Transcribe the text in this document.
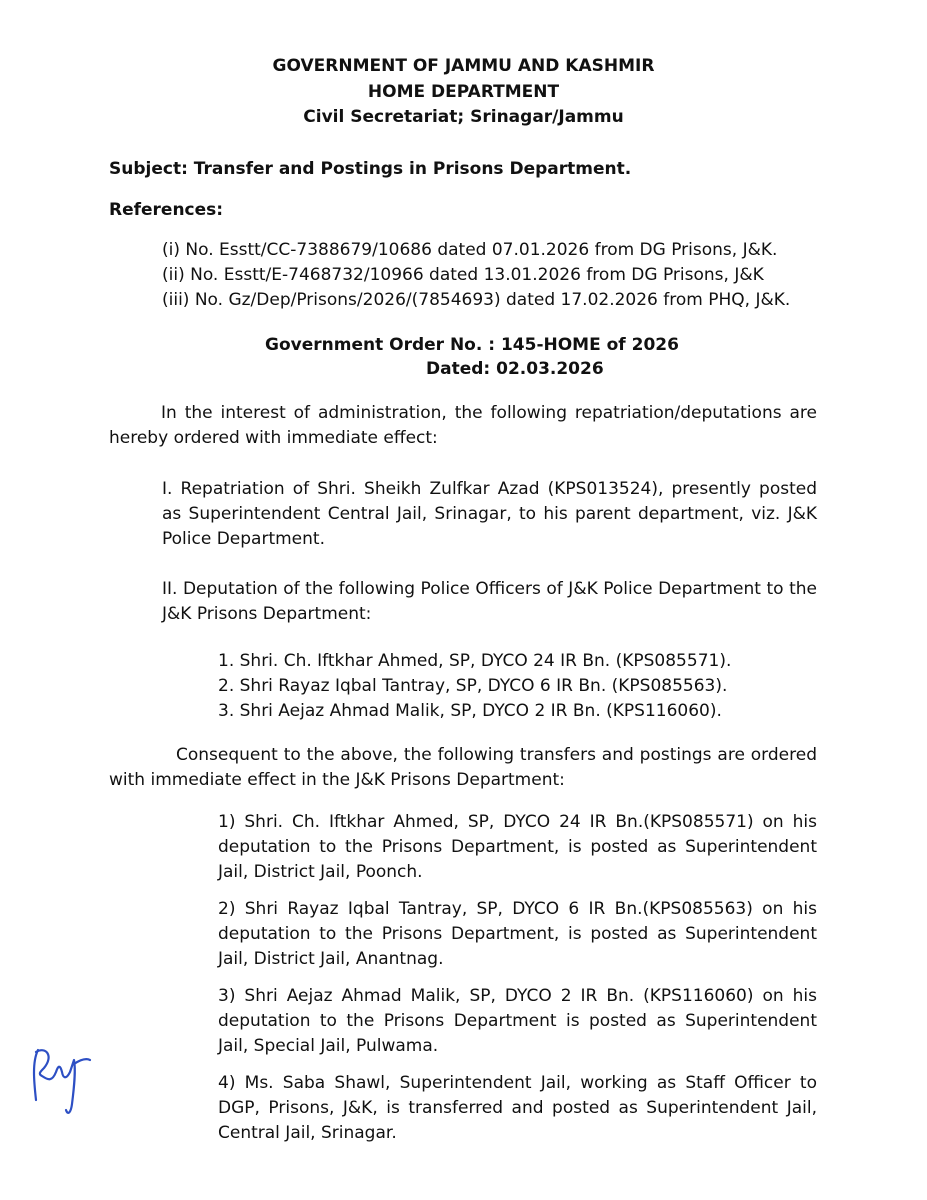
GOVERNMENT OF JAMMU AND KASHMIR
HOME DEPARTMENT
Civil Secretariat; Srinagar/Jammu
Subject: Transfer and Postings in Prisons Department.
References:
(i) No. Esstt/CC-7388679/10686 dated 07.01.2026 from DG Prisons, J&K.
(ii) No. Esstt/E-7468732/10966 dated 13.01.2026 from DG Prisons, J&K
(iii) No. Gz/Dep/Prisons/2026/(7854693) dated 17.02.2026 from PHQ, J&K.
Government Order No. : 145-HOME of 2026
Dated: 02.03.2026
In the interest of administration, the following repatriation/deputations are hereby ordered with immediate effect:
I. Repatriation of Shri. Sheikh Zulfkar Azad (KPS013524), presently posted as Superintendent Central Jail, Srinagar, to his parent department, viz. J&K Police Department.
II. Deputation of the following Police Officers of J&K Police Department to the J&K Prisons Department:
1. Shri. Ch. Iftkhar Ahmed, SP, DYCO 24 IR Bn. (KPS085571).
2. Shri Rayaz Iqbal Tantray, SP, DYCO 6 IR Bn. (KPS085563).
3. Shri Aejaz Ahmad Malik, SP, DYCO 2 IR Bn. (KPS116060).
Consequent to the above, the following transfers and postings are ordered with immediate effect in the J&K Prisons Department:
1) Shri. Ch. Iftkhar Ahmed, SP, DYCO 24 IR Bn.(KPS085571) on his deputation to the Prisons Department, is posted as Superintendent Jail, District Jail, Poonch.
2) Shri Rayaz Iqbal Tantray, SP, DYCO 6 IR Bn.(KPS085563) on his deputation to the Prisons Department, is posted as Superintendent Jail, District Jail, Anantnag.
3) Shri Aejaz Ahmad Malik, SP, DYCO 2 IR Bn. (KPS116060) on his deputation to the Prisons Department is posted as Superintendent Jail, Special Jail, Pulwama.
4) Ms. Saba Shawl, Superintendent Jail, working as Staff Officer to DGP, Prisons, J&K, is transferred and posted as Superintendent Jail, Central Jail, Srinagar.
